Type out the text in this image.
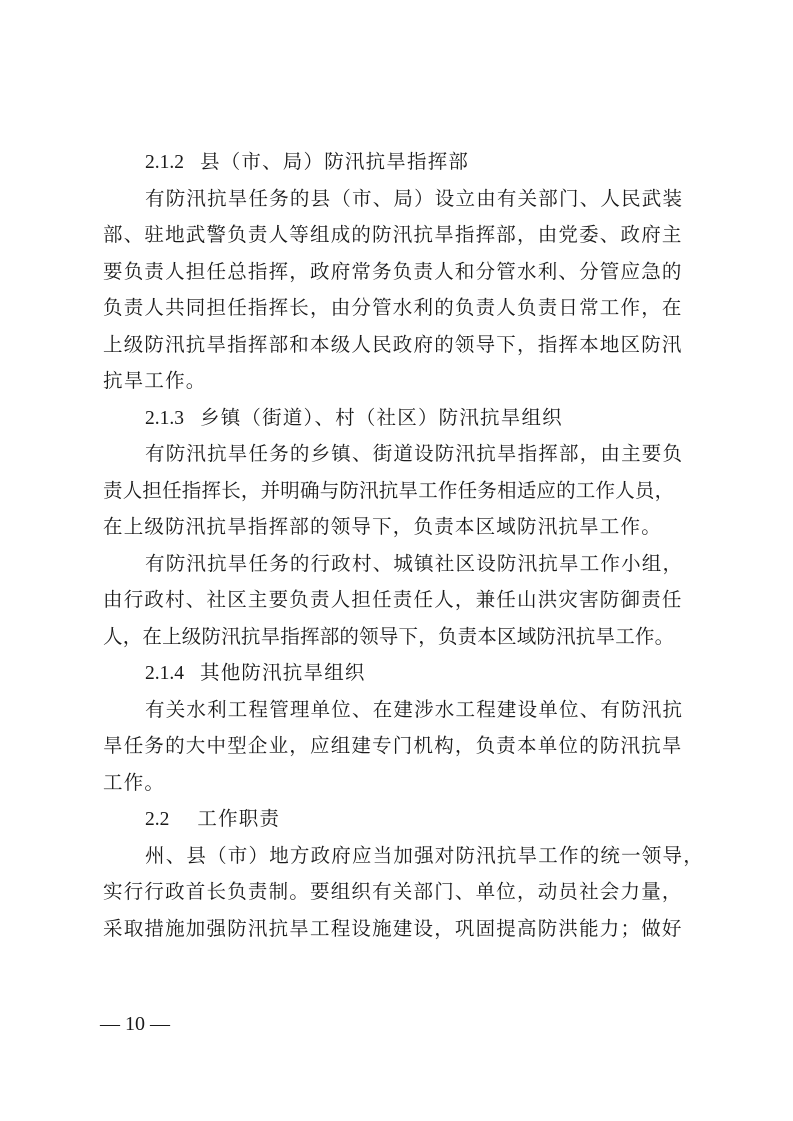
2.1.2 县（市、局）防汛抗旱指挥部
有防汛抗旱任务的县（市、局）设立由有关部门、人民武装
部、驻地武警负责人等组成的防汛抗旱指挥部，由党委、政府主
要负责人担任总指挥，政府常务负责人和分管水利、分管应急的
负责人共同担任指挥长，由分管水利的负责人负责日常工作，在
上级防汛抗旱指挥部和本级人民政府的领导下，指挥本地区防汛
抗旱工作。
2.1.3 乡镇（街道）、村（社区）防汛抗旱组织
有防汛抗旱任务的乡镇、街道设防汛抗旱指挥部，由主要负
责人担任指挥长，并明确与防汛抗旱工作任务相适应的工作人员，
在上级防汛抗旱指挥部的领导下，负责本区域防汛抗旱工作。
有防汛抗旱任务的行政村、城镇社区设防汛抗旱工作小组，
由行政村、社区主要负责人担任责任人，兼任山洪灾害防御责任
人，在上级防汛抗旱指挥部的领导下，负责本区域防汛抗旱工作。
2.1.4 其他防汛抗旱组织
有关水利工程管理单位、在建涉水工程建设单位、有防汛抗
旱任务的大中型企业，应组建专门机构，负责本单位的防汛抗旱
工作。
2.2 工作职责
州、县（市）地方政府应当加强对防汛抗旱工作的统一领导，
实行行政首长负责制。要组织有关部门、单位，动员社会力量，
采取措施加强防汛抗旱工程设施建设，巩固提高防洪能力；做好
— 10 —
